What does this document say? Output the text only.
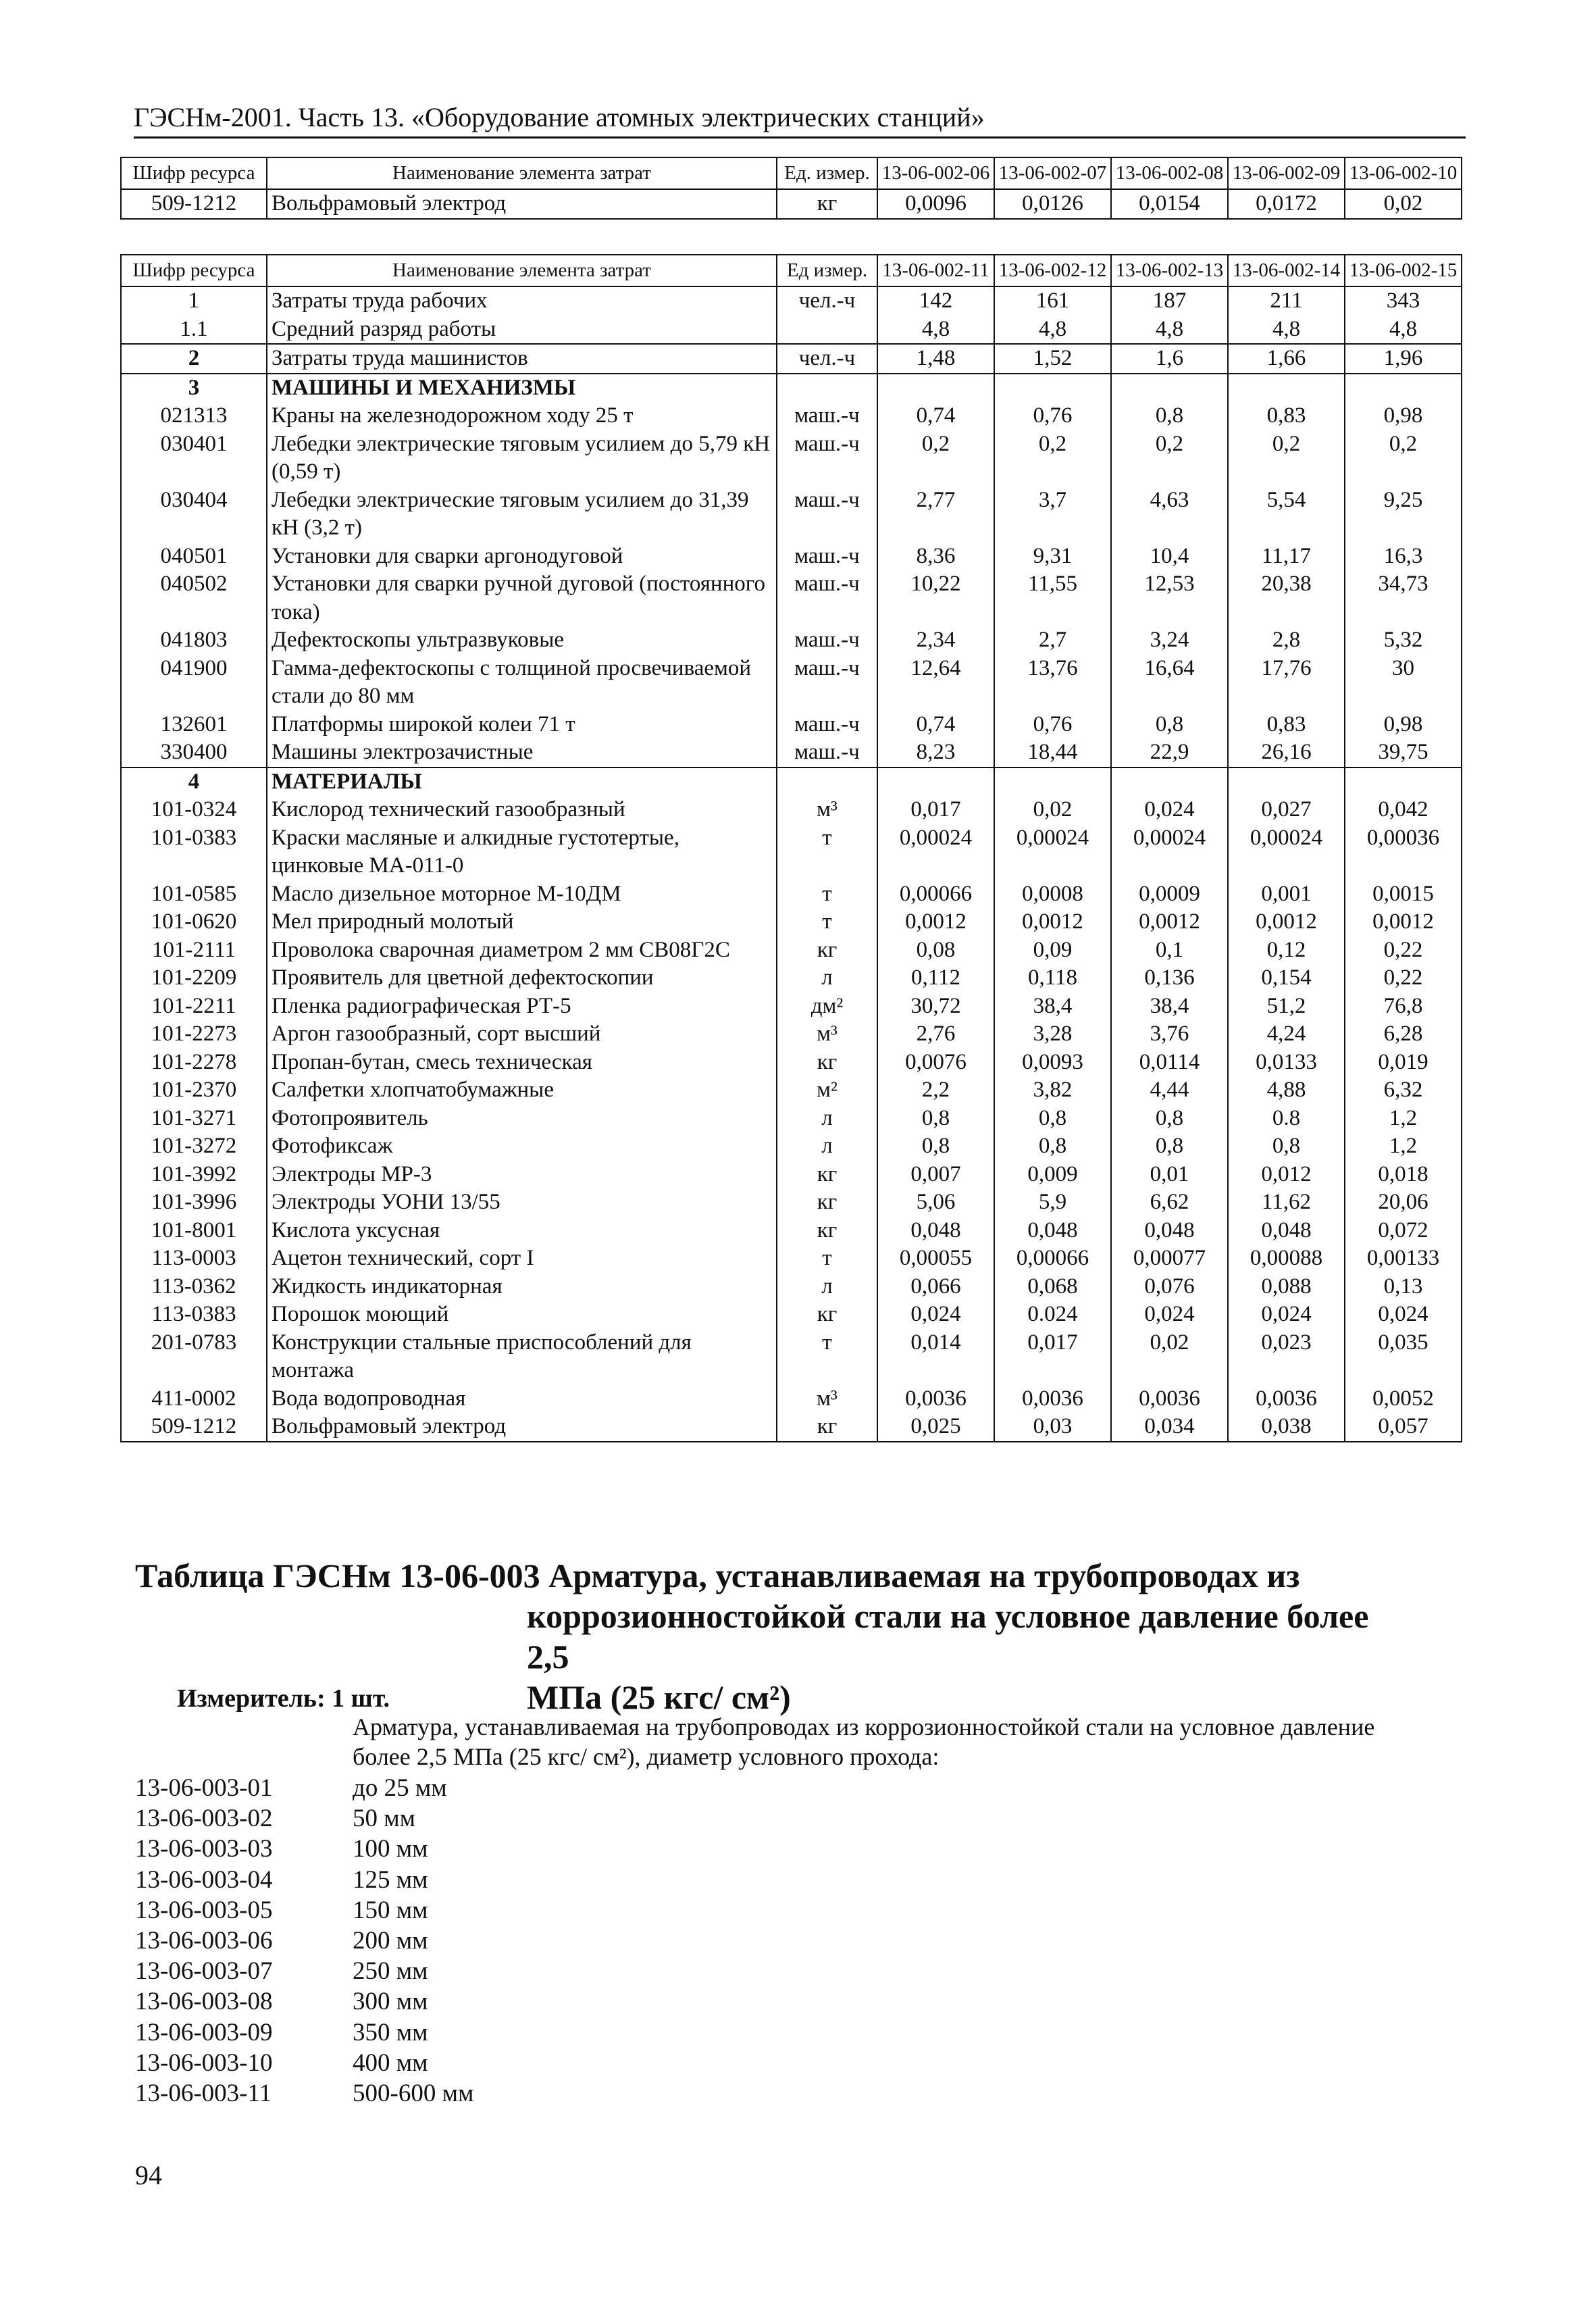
ГЭСНм-2001. Часть 13. «Оборудование атомных электрических станций»
Шифр ресурса	Наименование элемента затрат	Ед. измер.	13-06-002-06	13-06-002-07	13-06-002-08	13-06-002-09	13-06-002-10
509-1212	Вольфрамовый электрод	кг	0,0096	0,0126	0,0154	0,0172	0,02
Шифр ресурса	Наименование элемента затрат	Ед измер.	13-06-002-11	13-06-002-12	13-06-002-13	13-06-002-14	13-06-002-15
1	Затраты труда рабочих	чел.-ч	142	161	187	211	343
1.1	Средний разряд работы		4,8	4,8	4,8	4,8	4,8
2	Затраты труда машинистов	чел.-ч	1,48	1,52	1,6	1,66	1,96
3	МАШИНЫ И МЕХАНИЗМЫ						
021313	Краны на железнодорожном ходу 25 т	маш.-ч	0,74	0,76	0,8	0,83	0,98
030401	Лебедки электрические тяговым усилием до 5,79 кН (0,59 т)	маш.-ч	0,2	0,2	0,2	0,2	0,2
030404	Лебедки электрические тяговым усилием до 31,39 кН (3,2 т)	маш.-ч	2,77	3,7	4,63	5,54	9,25
040501	Установки для сварки аргонодуговой	маш.-ч	8,36	9,31	10,4	11,17	16,3
040502	Установки для сварки ручной дуговой (постоянного тока)	маш.-ч	10,22	11,55	12,53	20,38	34,73
041803	Дефектоскопы ультразвуковые	маш.-ч	2,34	2,7	3,24	2,8	5,32
041900	Гамма-дефектоскопы с толщиной просвечиваемой стали до 80 мм	маш.-ч	12,64	13,76	16,64	17,76	30
132601	Платформы широкой колеи 71 т	маш.-ч	0,74	0,76	0,8	0,83	0,98
330400	Машины электрозачистные	маш.-ч	8,23	18,44	22,9	26,16	39,75
4	МАТЕРИАЛЫ						
101-0324	Кислород технический газообразный	м³	0,017	0,02	0,024	0,027	0,042
101-0383	Краски масляные и алкидные густотертые, цинковые МА-011-0	т	0,00024	0,00024	0,00024	0,00024	0,00036
101-0585	Масло дизельное моторное М-10ДМ	т	0,00066	0,0008	0,0009	0,001	0,0015
101-0620	Мел природный молотый	т	0,0012	0,0012	0,0012	0,0012	0,0012
101-2111	Проволока сварочная диаметром 2 мм СВ08Г2С	кг	0,08	0,09	0,1	0,12	0,22
101-2209	Проявитель для цветной дефектоскопии	л	0,112	0,118	0,136	0,154	0,22
101-2211	Пленка радиографическая РТ-5	дм²	30,72	38,4	38,4	51,2	76,8
101-2273	Аргон газообразный, сорт высший	м³	2,76	3,28	3,76	4,24	6,28
101-2278	Пропан-бутан, смесь техническая	кг	0,0076	0,0093	0,0114	0,0133	0,019
101-2370	Салфетки хлопчатобумажные	м²	2,2	3,82	4,44	4,88	6,32
101-3271	Фотопроявитель	л	0,8	0,8	0,8	0.8	1,2
101-3272	Фотофиксаж	л	0,8	0,8	0,8	0,8	1,2
101-3992	Электроды МР-3	кг	0,007	0,009	0,01	0,012	0,018
101-3996	Электроды УОНИ 13/55	кг	5,06	5,9	6,62	11,62	20,06
101-8001	Кислота уксусная	кг	0,048	0,048	0,048	0,048	0,072
113-0003	Ацетон технический, сорт I	т	0,00055	0,00066	0,00077	0,00088	0,00133
113-0362	Жидкость индикаторная	л	0,066	0,068	0,076	0,088	0,13
113-0383	Порошок моющий	кг	0,024	0.024	0,024	0,024	0,024
201-0783	Конструкции стальные приспособлений для монтажа	т	0,014	0,017	0,02	0,023	0,035
411-0002	Вода водопроводная	м³	0,0036	0,0036	0,0036	0,0036	0,0052
509-1212	Вольфрамовый электрод	кг	0,025	0,03	0,034	0,038	0,057
Таблица ГЭСНм 13-06-003 Арматура, устанавливаемая на трубопроводах из
коррозионностойкой стали на условное давление более 2,5
МПа (25 кгс/ см²)
Измеритель: 1 шт.
Арматура, устанавливаемая на трубопроводах из коррозионностойкой стали на условное давление более 2,5 МПа (25 кгс/ см²), диаметр условного прохода:
13-06-003-01	до 25 мм
13-06-003-02	50 мм
13-06-003-03	100 мм
13-06-003-04	125 мм
13-06-003-05	150 мм
13-06-003-06	200 мм
13-06-003-07	250 мм
13-06-003-08	300 мм
13-06-003-09	350 мм
13-06-003-10	400 мм
13-06-003-11	500-600 мм
94
